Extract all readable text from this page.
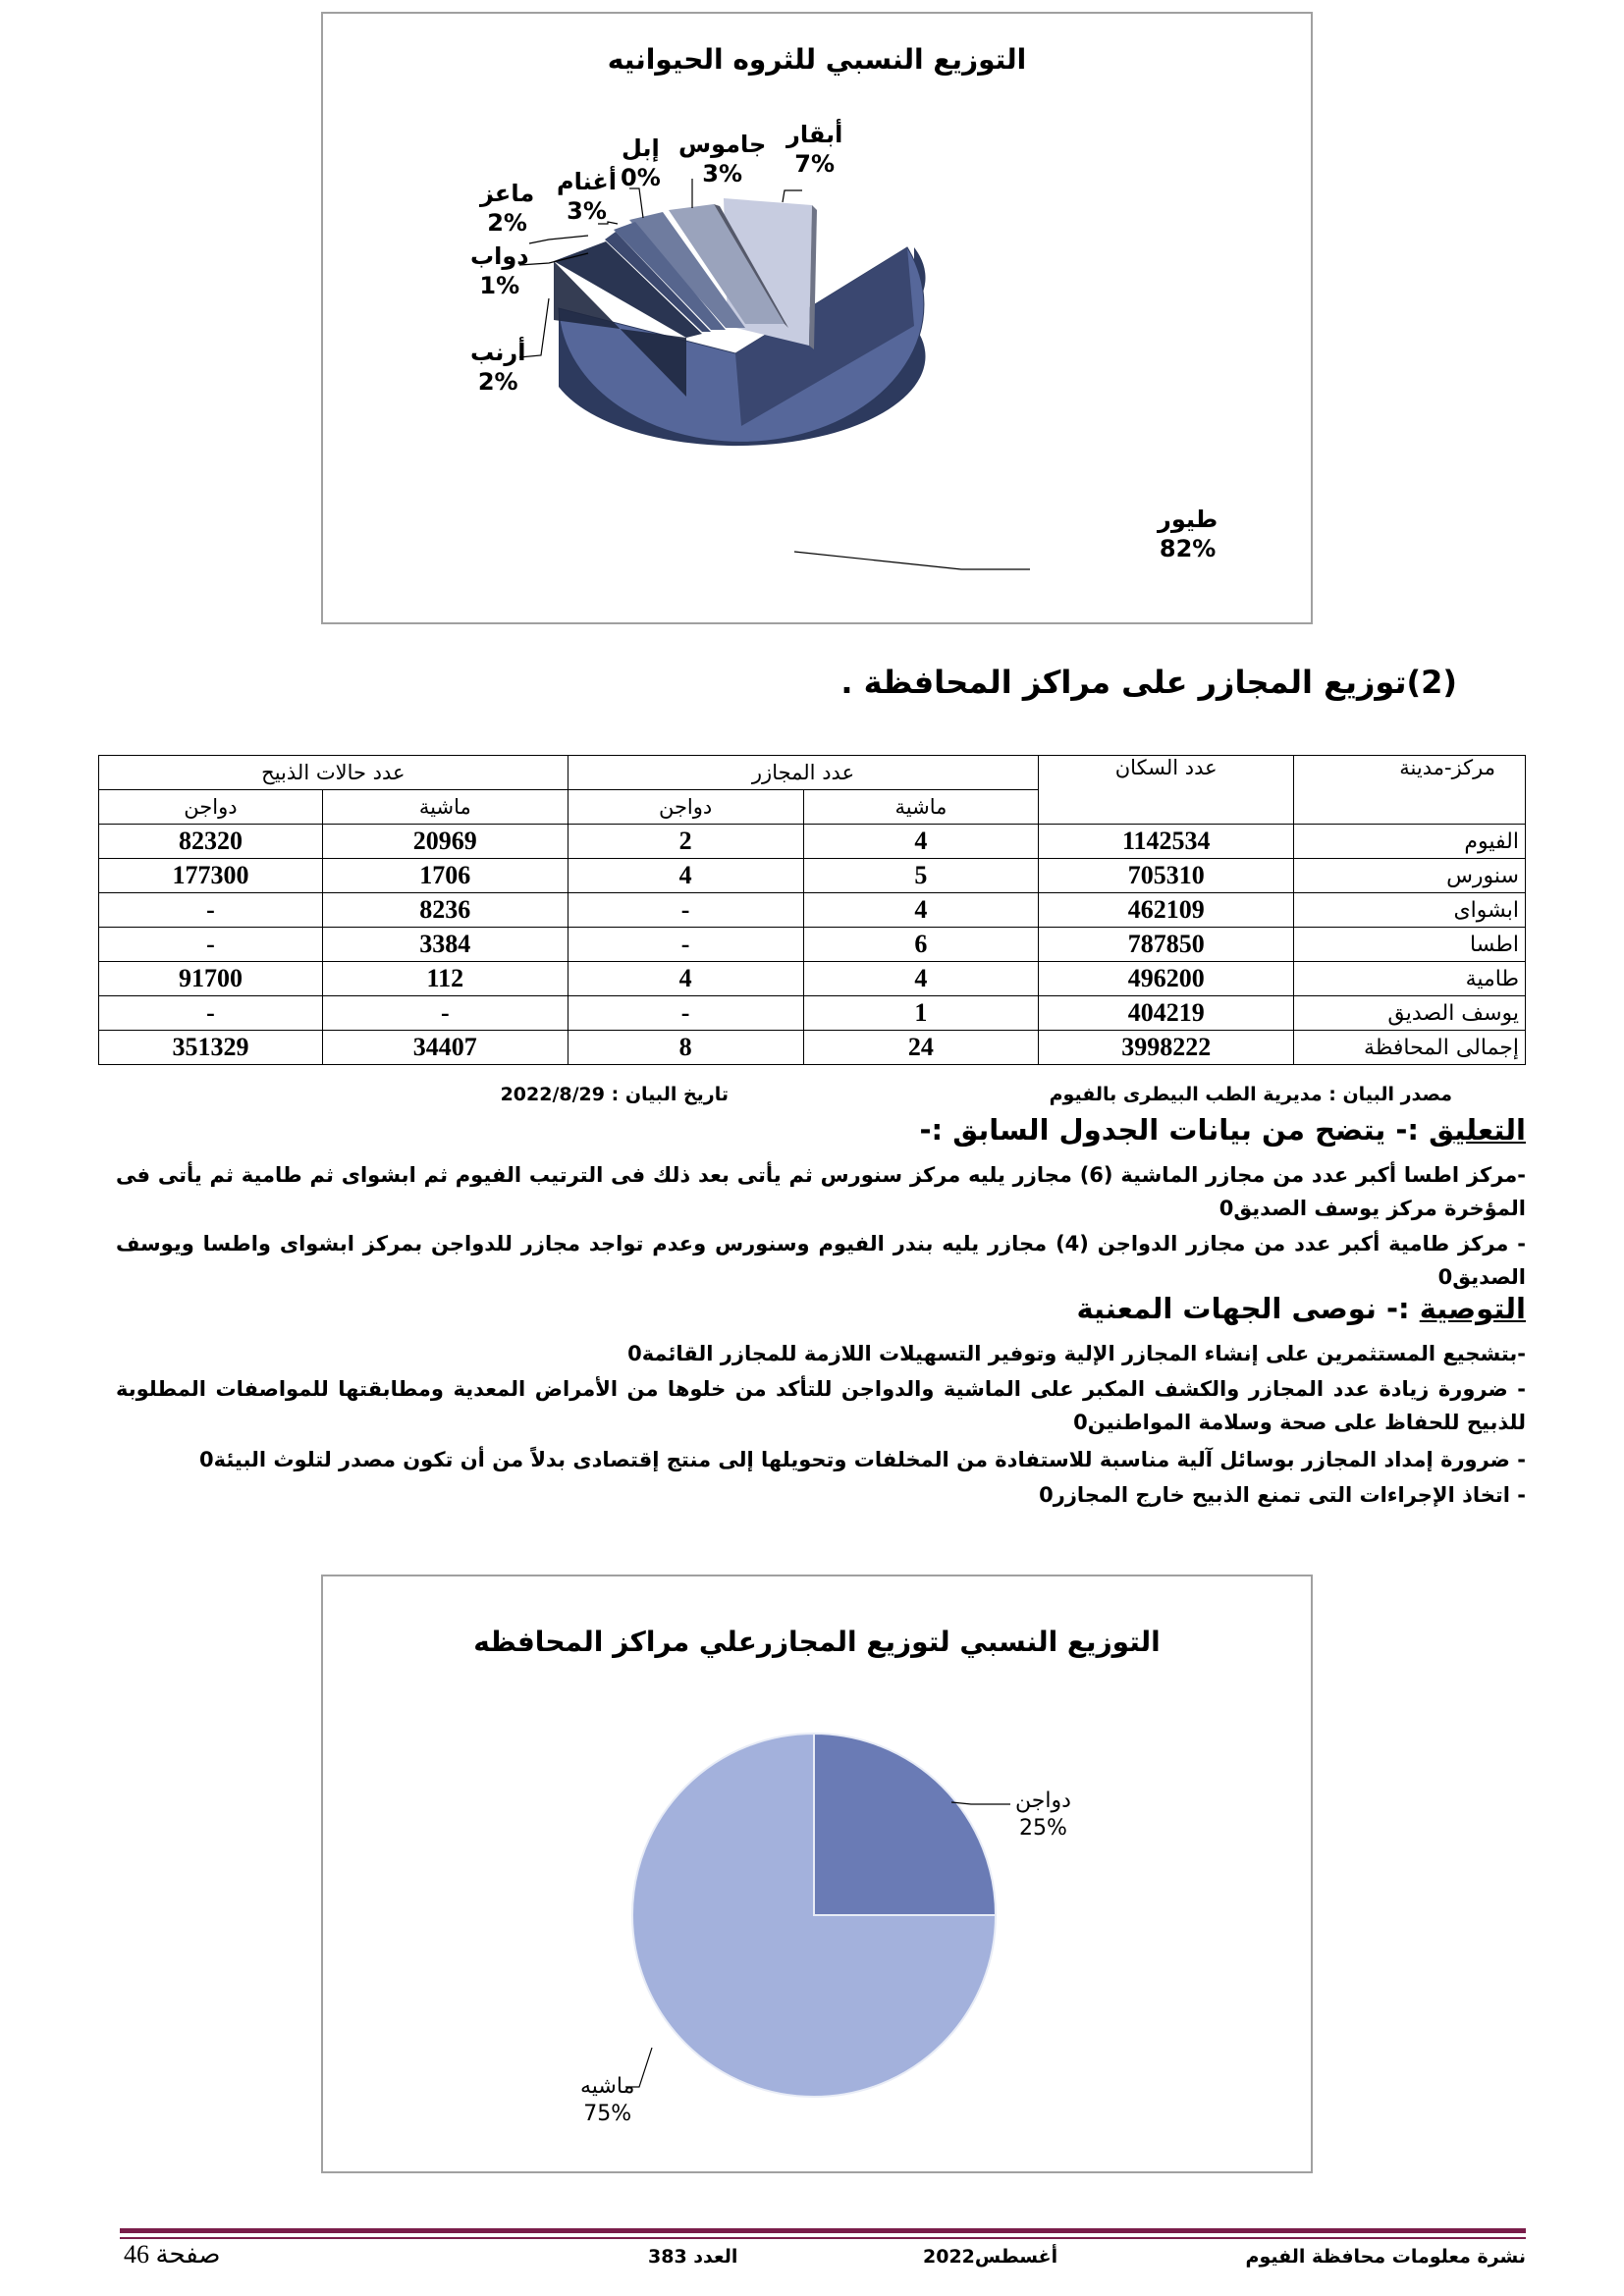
التوزيع النسبي للثروه الحيوانيه
أبقار
7%
جاموس
3%
إبل
0%
أغنام
3%
ماعز
2%
دواب
1%
أرنب
2%
طيور
82%
(2)توزيع المجازر على مراكز المحافظة .
مركز-مدينة	عدد السكان	عدد المجازر		عدد حالات الذبيح	
		ماشية	دواجن	ماشية	دواجن
الفيوم	1142534	4	2	20969	82320
سنورس	705310	5	4	1706	177300
ابشواى	462109	4	-	8236	-
اطسا	787850	6	-	3384	-
طامية	496200	4	4	112	91700
يوسف الصديق	404219	1	-	-	-
إجمالى المحافظة	3998222	24	8	34407	351329
مصدر البيان : مديرية الطب البيطرى بالفيوم
تاريخ البيان : 2022/8/29
التعليق :- يتضح من بيانات الجدول السابق :-
-مركز اطسا أكبر عدد من مجازر الماشية (6) مجازر يليه مركز سنورس ثم يأتى بعد ذلك فى الترتيب الفيوم ثم ابشواى ثم طامية ثم يأتى فى المؤخرة مركز يوسف الصديق0
- مركز طامية أكبر عدد من مجازر الدواجن (4) مجازر يليه بندر الفيوم وسنورس وعدم تواجد مجازر للدواجن بمركز ابشواى واطسا ويوسف الصديق0
التوصية :- نوصى الجهات المعنية
-بتشجيع المستثمرين على إنشاء المجازر الإلية وتوفير التسهيلات اللازمة للمجازر القائمة0
- ضرورة زيادة عدد المجازر والكشف المكبر على الماشية والدواجن للتأكد من خلوها من الأمراض المعدية ومطابقتها للمواصفات المطلوبة للذبيح للحفاظ على صحة وسلامة المواطنين0
- ضرورة إمداد المجازر بوسائل آلية مناسبة للاستفادة من المخلفات وتحويلها إلى منتج إقتصادى بدلاً من أن تكون مصدر لتلوث البيئة0
- اتخاذ الإجراءات التى تمنع الذبيح خارج المجازر0
التوزيع النسبي لتوزيع المجازرعلي مراكز المحافظه
دواجن
25%
ماشيه
75%
نشرة معلومات محافظة الفيوم
أغسطس2022
العدد 383
صفحة 46
